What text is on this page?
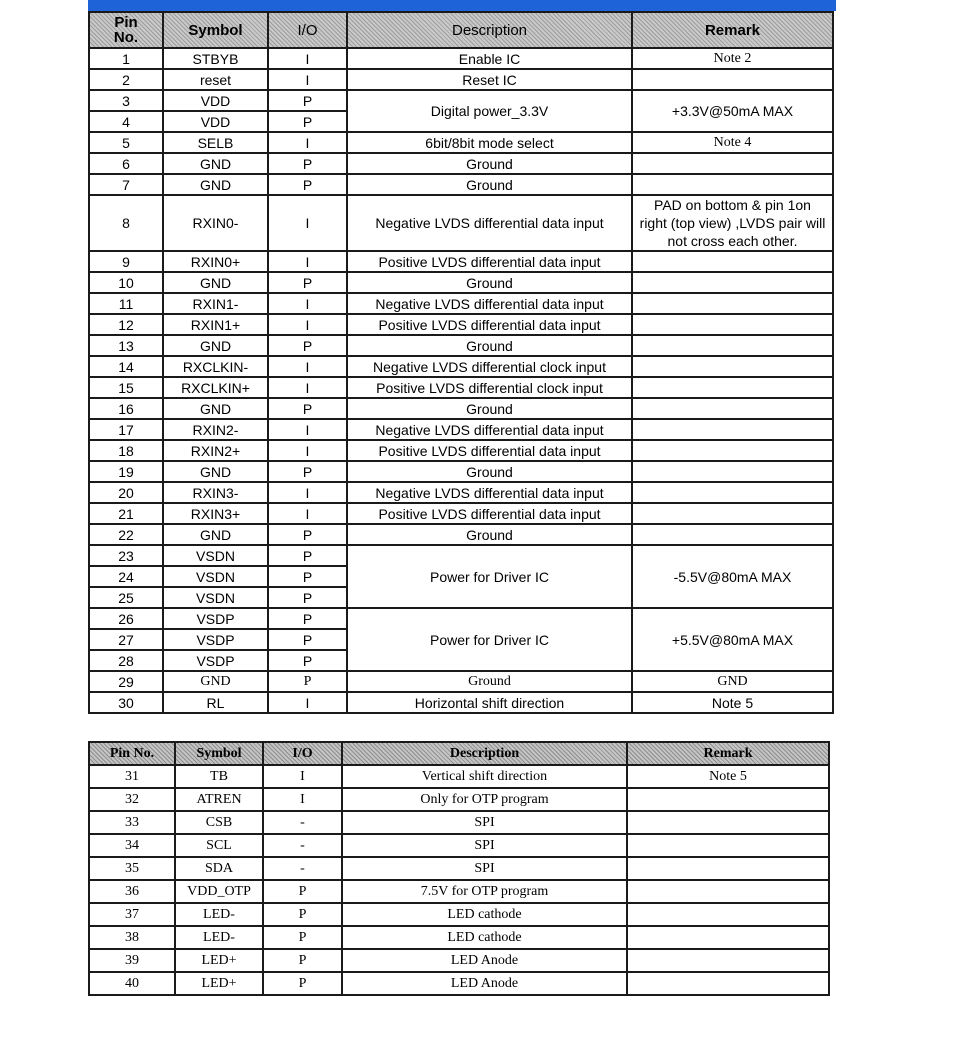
Pin
No.	Symbol	I/O	Description	Remark
1	STBYB	I	Enable IC	Note 2
2	reset	I	Reset IC	
3	VDD	P	Digital power_3.3V	+3.3V@50mA MAX
4	VDD	P		
5	SELB	I	6bit/8bit mode select	Note 4
6	GND	P	Ground	
7	GND	P	Ground	
8	RXIN0-	I	Negative LVDS differential data input	PAD on bottom & pin 1on right (top view) ,LVDS pair will not cross each other.
9	RXIN0+	I	Positive LVDS differential data input	
10	GND	P	Ground	
11	RXIN1-	I	Negative LVDS differential data input	
12	RXIN1+	I	Positive LVDS differential data input	
13	GND	P	Ground	
14	RXCLKIN-	I	Negative LVDS differential clock input	
15	RXCLKIN+	I	Positive LVDS differential clock input	
16	GND	P	Ground	
17	RXIN2-	I	Negative LVDS differential data input	
18	RXIN2+	I	Positive LVDS differential data input	
19	GND	P	Ground	
20	RXIN3-	I	Negative LVDS differential data input	
21	RXIN3+	I	Positive LVDS differential data input	
22	GND	P	Ground	
23	VSDN	P	Power for Driver IC	-5.5V@80mA MAX
24	VSDN	P		
25	VSDN	P		
26	VSDP	P	Power for Driver IC	+5.5V@80mA MAX
27	VSDP	P		
28	VSDP	P		
29	GND	P	Ground	GND
30	RL	I	Horizontal shift direction	Note 5
Pin No.	Symbol	I/O	Description	Remark
31	TB	I	Vertical shift direction	Note 5
32	ATREN	I	Only for OTP program	
33	CSB	-	SPI	
34	SCL	-	SPI	
35	SDA	-	SPI	
36	VDD_OTP	P	7.5V for OTP program	
37	LED-	P	LED cathode	
38	LED-	P	LED cathode	
39	LED+	P	LED Anode	
40	LED+	P	LED Anode	
